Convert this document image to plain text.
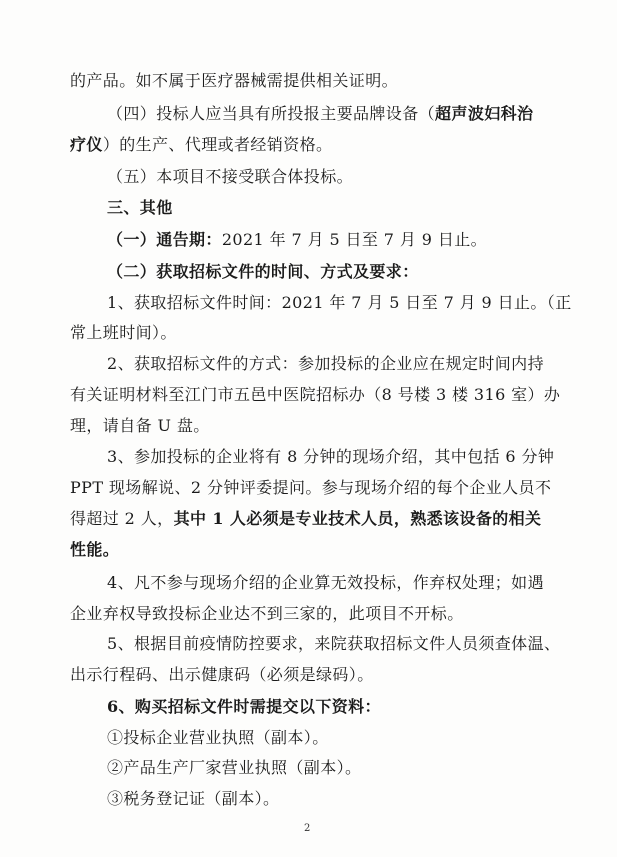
的产品。如不属于医疗器械需提供相关证明。
（四）投标人应当具有所投报主要品牌设备（超声波妇科治
疗仪）的生产、代理或者经销资格。
（五）本项目不接受联合体投标。
三、其他
（一）通告期：2021 年 7 月 5 日至 7 月 9 日止。
（二）获取招标文件的时间、方式及要求：
1、获取招标文件时间：2021 年 7 月 5 日至 7 月 9 日止。（正
常上班时间）。
2、获取招标文件的方式：参加投标的企业应在规定时间内持
有关证明材料至江门市五邑中医院招标办（8 号楼 3 楼 316 室）办
理，请自备 U 盘。
3、参加投标的企业将有 8 分钟的现场介绍，其中包括 6 分钟
PPT 现场解说、2 分钟评委提问。参与现场介绍的每个企业人员不
得超过 2 人，其中 1 人必须是专业技术人员，熟悉该设备的相关
性能。
4、凡不参与现场介绍的企业算无效投标，作弃权处理；如遇
企业弃权导致投标企业达不到三家的，此项目不开标。
5、根据目前疫情防控要求，来院获取招标文件人员须查体温、
出示行程码、出示健康码（必须是绿码）。
6、购买招标文件时需提交以下资料：
①投标企业营业执照（副本）。
②产品生产厂家营业执照（副本）。
③税务登记证（副本）。
2
